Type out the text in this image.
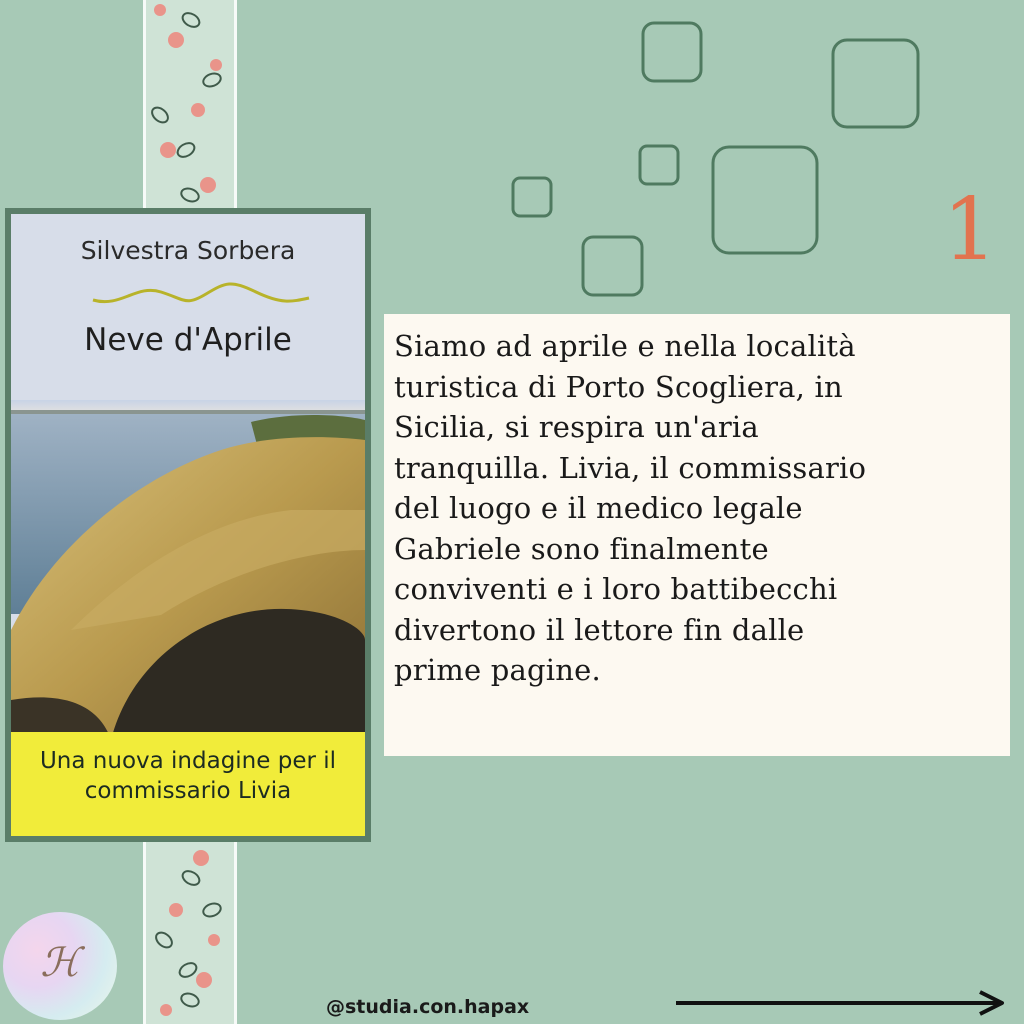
Silvestra Sorbera
Neve d'Aprile
Una nuova indagine per il commissario Livia
1

Siamo ad aprile e nella località
turistica di Porto Scogliera, in
Sicilia, si respira un'aria
tranquilla. Livia, il commissario
del luogo e il medico legale
Gabriele sono finalmente
conviventi e i loro battibecchi
divertono il lettore fin dalle
prime pagine.

ℋ
@studia.con.hapax
